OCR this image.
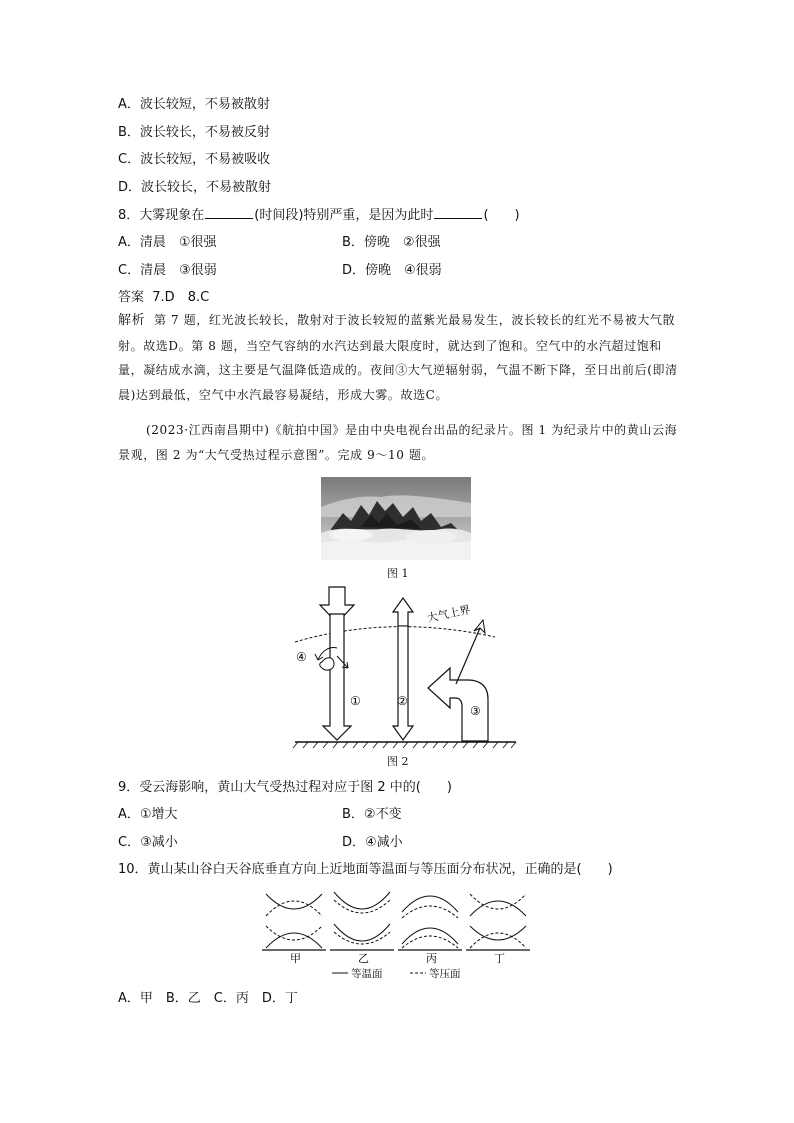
A．波长较短，不易被散射
B．波长较长，不易被反射
C．波长较短，不易被吸收
D．波长较长，不易被散射
8．大雾现象在	(时间段)特别严重，是因为此时	(　　)
A．清晨　①很强	B．傍晚　②很强
C．清晨　③很弱	D．傍晚　④很弱
答案 7.D　8.C
解析 第 7 题，红光波长较长，散射对于波长较短的蓝紫光最易发生，波长较长的红光不易被大气散射。故选D。第 8 题，当空气容纳的水汽达到最大限度时，就达到了饱和。空气中的水汽超过饱和量，凝结成水滴，这主要是气温降低造成的。夜间③大气逆辐射弱，气温不断下降，至日出前后(即清晨)达到最低，空气中水汽最容易凝结，形成大雾。故选C。
(2023·江西南昌期中)《航拍中国》是由中央电视台出品的纪录片。图 1 为纪录片中的黄山云海景观，图 2 为“大气受热过程示意图”。完成 9～10 题。
图 1
大气上界
①	②
③
④
图 2
9．受云海影响，黄山大气受热过程对应于图 2 中的(　　)
A．①增大	B．②不变
C．③减小	D．④减小
10．黄山某山谷白天谷底垂直方向上近地面等温面与等压面分布状况，正确的是(　　)
甲	乙	丙	丁
等温面	等压面
A．甲　B．乙　C．丙　D．丁
